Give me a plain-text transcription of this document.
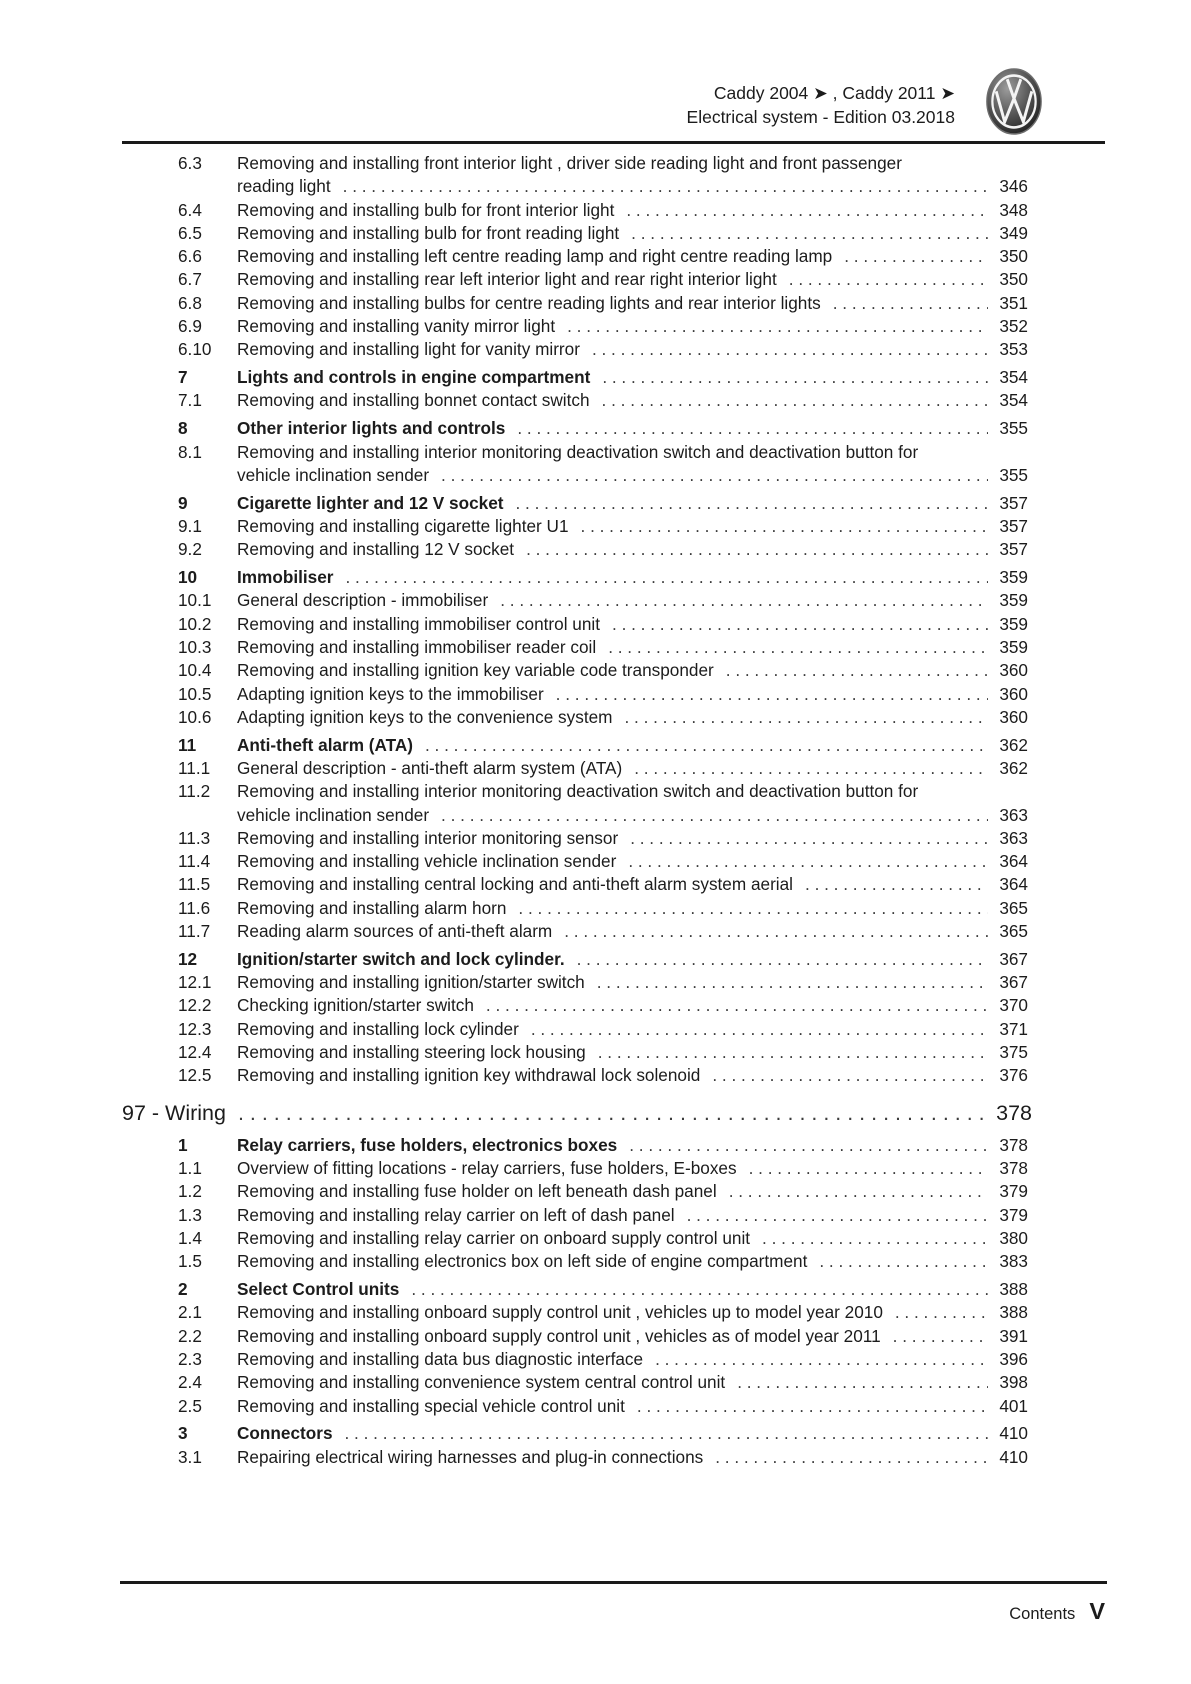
Caddy 2004 ➤ , Caddy 2011 ➤
Electrical system - Edition 03.2018
6.3	Removing and installing front interior light , driver side reading light and front passenger
reading light . . .	346
6.4	Removing and installing bulb for front interior light . . .	348
6.5	Removing and installing bulb for front reading light . . .	349
6.6	Removing and installing left centre reading lamp and right centre reading lamp . . .	350
6.7	Removing and installing rear left interior light and rear right interior light . . .	350
6.8	Removing and installing bulbs for centre reading lights and rear interior lights . . .	351
6.9	Removing and installing vanity mirror light . . .	352
6.10	Removing and installing light for vanity mirror . . .	353
7	Lights and controls in engine compartment . . .	354
7.1	Removing and installing bonnet contact switch . . .	354
8	Other interior lights and controls . . .	355
8.1	Removing and installing interior monitoring deactivation switch and deactivation button for
vehicle inclination sender . . .	355
9	Cigarette lighter and 12 V socket . . .	357
9.1	Removing and installing cigarette lighter U1 . . .	357
9.2	Removing and installing 12 V socket . . .	357
10	Immobiliser . . .	359
10.1	General description - immobiliser . . .	359
10.2	Removing and installing immobiliser control unit . . .	359
10.3	Removing and installing immobiliser reader coil . . .	359
10.4	Removing and installing ignition key variable code transponder . . .	360
10.5	Adapting ignition keys to the immobiliser . . .	360
10.6	Adapting ignition keys to the convenience system . . .	360
11	Anti-theft alarm (ATA) . . .	362
11.1	General description - anti-theft alarm system (ATA) . . .	362
11.2	Removing and installing interior monitoring deactivation switch and deactivation button for
vehicle inclination sender . . .	363
11.3	Removing and installing interior monitoring sensor . . .	363
11.4	Removing and installing vehicle inclination sender . . .	364
11.5	Removing and installing central locking and anti-theft alarm system aerial . . .	364
11.6	Removing and installing alarm horn . . .	365
11.7	Reading alarm sources of anti-theft alarm . . .	365
12	Ignition/starter switch and lock cylinder. . . .	367
12.1	Removing and installing ignition/starter switch . . .	367
12.2	Checking ignition/starter switch . . .	370
12.3	Removing and installing lock cylinder . . .	371
12.4	Removing and installing steering lock housing . . .	375
12.5	Removing and installing ignition key withdrawal lock solenoid . . .	376
97 - Wiring . . .	378
1	Relay carriers, fuse holders, electronics boxes . . .	378
1.1	Overview of fitting locations - relay carriers, fuse holders, E-boxes . . .	378
1.2	Removing and installing fuse holder on left beneath dash panel . . .	379
1.3	Removing and installing relay carrier on left of dash panel . . .	379
1.4	Removing and installing relay carrier on onboard supply control unit . . .	380
1.5	Removing and installing electronics box on left side of engine compartment . . .	383
2	Select Control units . . .	388
2.1	Removing and installing onboard supply control unit , vehicles up to model year 2010 . . .	388
2.2	Removing and installing onboard supply control unit , vehicles as of model year 2011 . . .	391
2.3	Removing and installing data bus diagnostic interface . . .	396
2.4	Removing and installing convenience system central control unit . . .	398
2.5	Removing and installing special vehicle control unit . . .	401
3	Connectors . . .	410
3.1	Repairing electrical wiring harnesses and plug-in connections . . .	410
Contents V
